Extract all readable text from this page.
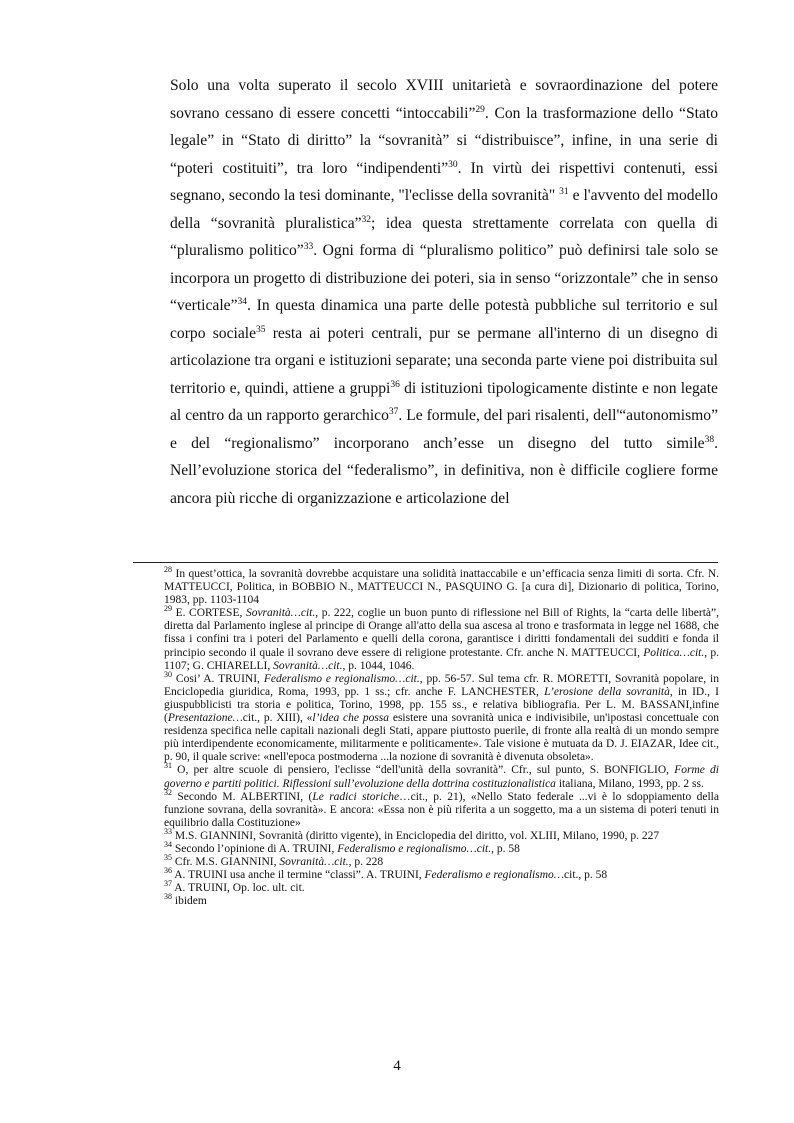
Solo una volta superato il secolo XVIII unitarietà e sovraordinazione del potere sovrano cessano di essere concetti “intoccabili”$^{29}$. Con la trasformazione dello “Stato legale” in “Stato di diritto” la “sovranità” si “distribuisce”, infine, in una serie di “poteri costituiti”, tra loro “indipendenti”$^{30}$. In virtù dei rispettivi contenuti, essi segnano, secondo la tesi dominante, "l'eclisse della sovranità" $^{31}$ e l'avvento del modello della “sovranità pluralistica”$^{32}$; idea questa strettamente correlata con quella di “pluralismo politico”$^{33}$. Ogni forma di “pluralismo politico” può definirsi tale solo se incorpora un progetto di distribuzione dei poteri, sia in senso “orizzontale” che in senso “verticale”$^{34}$. In questa dinamica una parte delle potestà pubbliche sul territorio e sul corpo sociale$^{35}$ resta ai poteri centrali, pur se permane all'interno di un disegno di articolazione tra organi e istituzioni separate; una seconda parte viene poi distribuita sul territorio e, quindi, attiene a gruppi$^{36}$ di istituzioni tipologicamente distinte e non legate al centro da un rapporto gerarchico$^{37}$. Le formule, del pari risalenti, dell'“autonomismo” e del “regionalismo” incorporano anch’esse un disegno del tutto simile$^{38}$. Nell’evoluzione storica del “federalismo”, in definitiva, non è difficile cogliere forme ancora più ricche di organizzazione e articolazione del

$^{28}$ In quest’ottica, la sovranità dovrebbe acquistare una solidità inattaccabile e un’efficacia senza limiti di sorta. Cfr. N. MATTEUCCI, Politica, in BOBBIO N., MATTEUCCI N., PASQUINO G. [a cura di], Dizionario di politica, Torino, 1983, pp. 1103-1104

$^{29}$ E. CORTESE, Sovranità…cit., p. 222, coglie un buon punto di riflessione nel Bill of Rights, la “carta delle libertà”, diretta dal Parlamento inglese al principe di Orange all'atto della sua ascesa al trono e trasformata in legge nel 1688, che fissa i confini tra i poteri del Parlamento e quelli della corona, garantisce i diritti fondamentali dei sudditi e fonda il principio secondo il quale il sovrano deve essere di religione protestante. Cfr. anche N. MATTEUCCI, Politica…cit., p. 1107; G. CHIARELLI, Sovranità…cit., p. 1044, 1046.

$^{30}$ Cosi’ A. TRUINI, Federalismo e regionalismo…cit., pp. 56-57. Sul tema cfr. R. MORETTI, Sovranità popolare, in Enciclopedia giuridica, Roma, 1993, pp. 1 ss.; cfr. anche F. LANCHESTER, L’erosione della sovranità, in ID., I giuspubblicisti tra storia e politica, Torino, 1998, pp. 155 ss., e relativa bibliografia. Per L. M. BASSANI,infine (Presentazione…cit., p. XIII), «l’idea che possa esistere una sovranità unica e indivisibile, un'ipostasi concettuale con residenza specifica nelle capitali nazionali degli Stati, appare piuttosto puerile, di fronte alla realtà di un mondo sempre più interdipendente economicamente, militarmente e politicamente». Tale visione è mutuata da D. J. EIAZAR, Idee cit., p. 90, il quale scrive: «nell'epoca postmoderna ...la nozione di sovranità è divenuta obsoleta».

$^{31}$ O, per altre scuole di pensiero, l'eclisse “dell'unità della sovranità”. Cfr., sul punto, S. BONFIGLIO, Forme di governo e partiti politici. Riflessioni sull’evoluzione della dottrina costituzionalistica italiana, Milano, 1993, pp. 2 ss.

$^{32}$ Secondo M. ALBERTINI, (Le radici storiche…cit., p. 21), «Nello Stato federale ...vi è lo sdoppiamento della funzione sovrana, della sovranità». E ancora: «Essa non è più riferita a un soggetto, ma a un sistema di poteri tenuti in equilibrio dalla Costituzione»

$^{33}$ M.S. GIANNINI, Sovranità (diritto vigente), in Enciclopedia del diritto, vol. XLIII, Milano, 1990, p. 227

$^{34}$ Secondo l’opinione di A. TRUINI, Federalismo e regionalismo…cit., p. 58

$^{35}$ Cfr. M.S. GIANNINI, Sovranità…cit., p. 228

$^{36}$ A. TRUINI usa anche il termine “classi”. A. TRUINI, Federalismo e regionalismo…cit., p. 58

$^{37}$ A. TRUINI, Op. loc. ult. cit.

$^{38}$ ibidem

4
